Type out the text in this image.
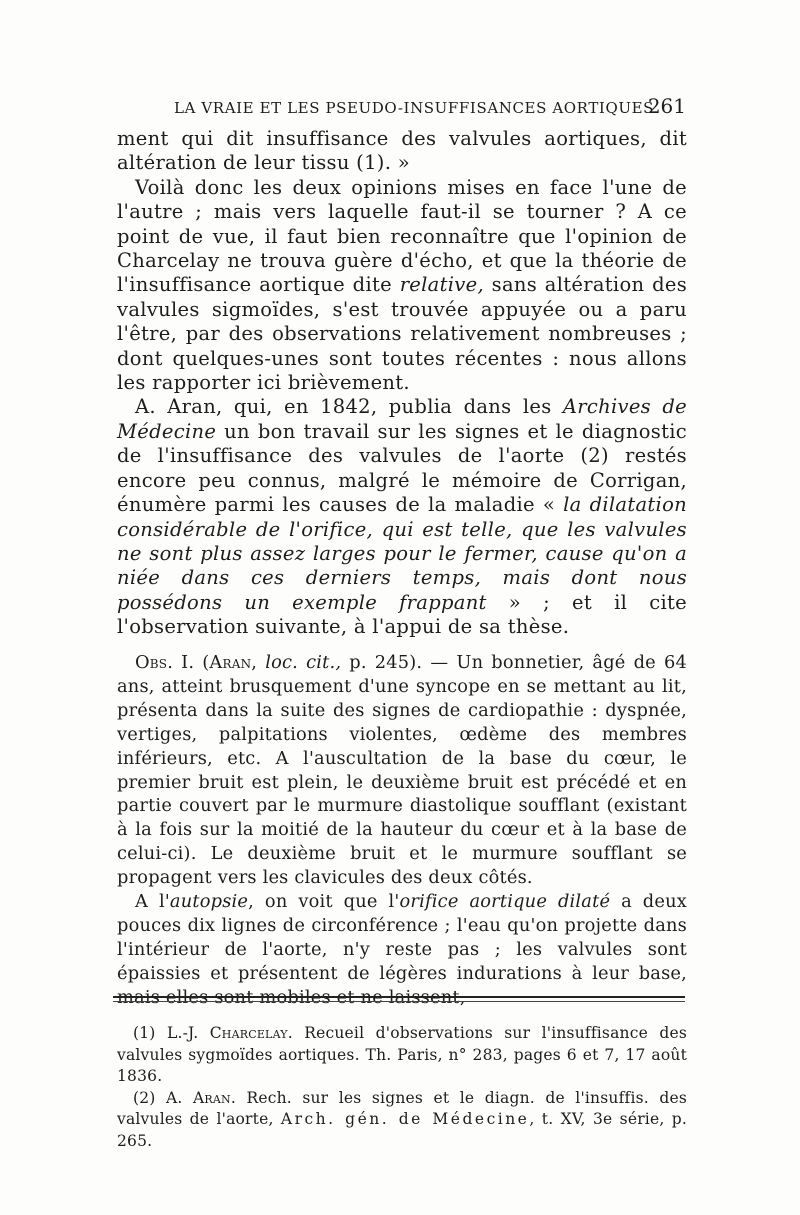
LA VRAIE ET LES PSEUDO-INSUFFISANCES AORTIQUES
261

ment qui dit insuffisance des valvules aortiques, dit altération de leur tissu (1). »

Voilà donc les deux opinions mises en face l'une de l'autre ; mais vers laquelle faut-il se tourner ? A ce point de vue, il faut bien reconnaître que l'opinion de Charcelay ne trouva guère d'écho, et que la théorie de l'insuffisance aortique dite relative, sans altération des valvules sigmoïdes, s'est trouvée appuyée ou a paru l'être, par des observations relativement nombreuses ; dont quelques-unes sont toutes récentes : nous allons les rapporter ici brièvement.

A. Aran, qui, en 1842, publia dans les Archives de Médecine un bon travail sur les signes et le diagnostic de l'insuffisance des valvules de l'aorte (2) restés encore peu connus, malgré le mémoire de Corrigan, énumère parmi les causes de la maladie « la dilatation considérable de l'orifice, qui est telle, que les valvules ne sont plus assez larges pour le fermer, cause qu'on a niée dans ces derniers temps, mais dont nous possédons un exemple frappant » ; et il cite l'observation suivante, à l'appui de sa thèse.

Obs. I. (Aran, loc. cit., p. 245). — Un bonnetier, âgé de 64 ans, atteint brusquement d'une syncope en se mettant au lit, présenta dans la suite des signes de cardiopathie : dyspnée, vertiges, palpitations violentes, œdème des membres inférieurs, etc. A l'auscultation de la base du cœur, le premier bruit est plein, le deuxième bruit est précédé et en partie couvert par le murmure diastolique soufflant (existant à la fois sur la moitié de la hauteur du cœur et à la base de celui-ci). Le deuxième bruit et le murmure soufflant se propagent vers les clavicules des deux côtés.

A l'autopsie, on voit que l'orifice aortique dilaté a deux pouces dix lignes de circonférence ; l'eau qu'on projette dans l'intérieur de l'aorte, n'y reste pas ; les valvules sont épaissies et présentent de légères indurations à leur base, mais elles sont mobiles et ne laissent,

(1) L.-J. Charcelay. Recueil d'observations sur l'insuffisance des valvules sygmoïdes aortiques. Th. Paris, n° 283, pages 6 et 7, 17 août 1836.

(2) A. Aran. Rech. sur les signes et le diagn. de l'insuffis. des valvules de l'aorte, Arch. gén. de Médecine, t. XV, 3e série, p. 265.
